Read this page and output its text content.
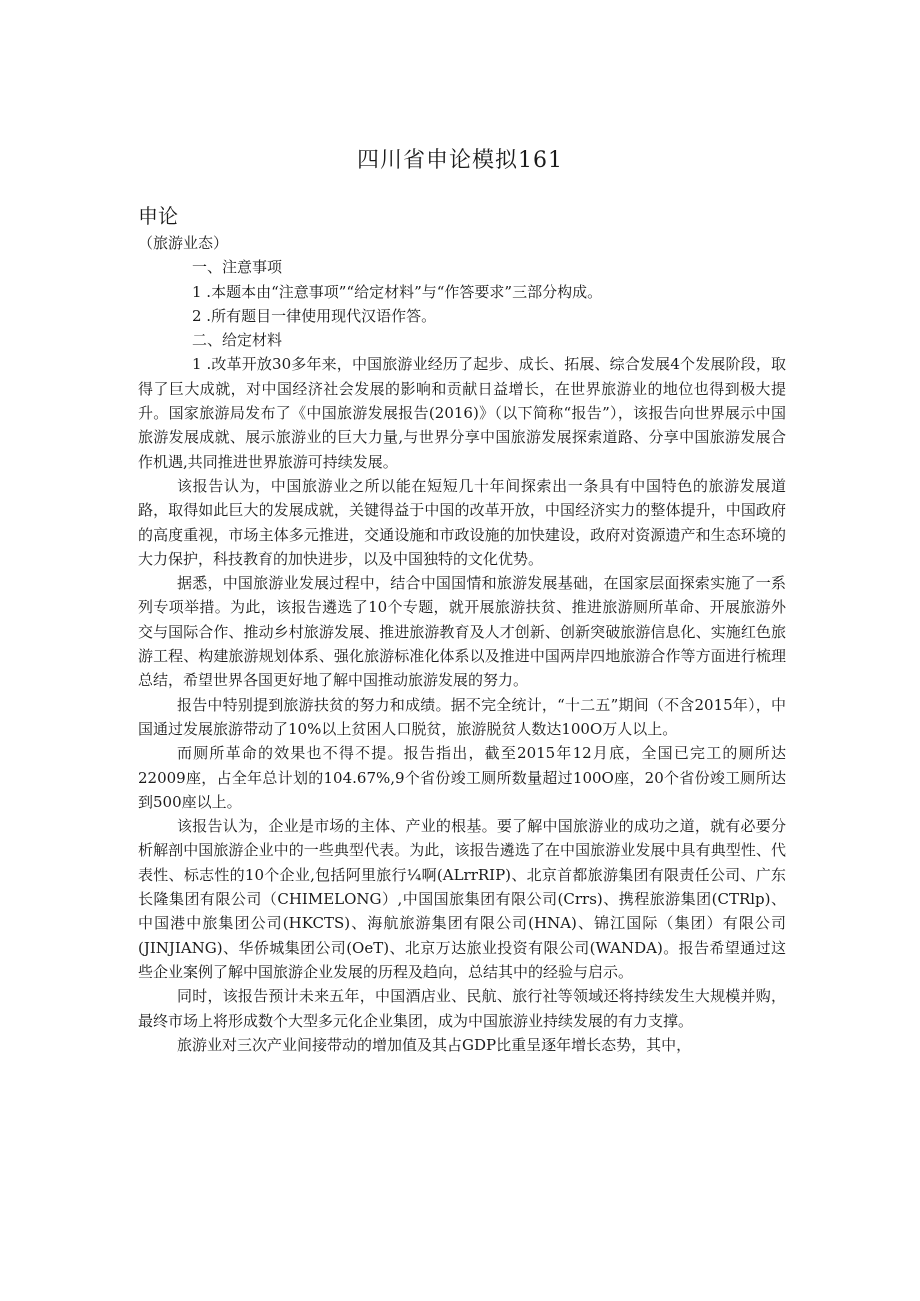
四川省申论模拟161
申论

（旅游业态）

一、注意事项

1 .本题本由“注意事项”“给定材料”与“作答要求”三部分构成。

2 .所有题目一律使用现代汉语作答。

二、给定材料

1 .改革开放30多年来，中国旅游业经历了起步、成长、拓展、综合发展4个发展阶段，取得了巨大成就，对中国经济社会发展的影响和贡献日益增长，在世界旅游业的地位也得到极大提升。国家旅游局发布了《中国旅游发展报告(2016)》（以下简称“报告”），该报告向世界展示中国旅游发展成就、展示旅游业的巨大力量,与世界分享中国旅游发展探索道路、分享中国旅游发展合作机遇,共同推进世界旅游可持续发展。

该报告认为，中国旅游业之所以能在短短几十年间探索出一条具有中国特色的旅游发展道路，取得如此巨大的发展成就，关键得益于中国的改革开放，中国经济实力的整体提升，中国政府的高度重视，市场主体多元推进，交通设施和市政设施的加快建设，政府对资源遗产和生态环境的大力保护，科技教育的加快进步，以及中国独特的文化优势。

据悉，中国旅游业发展过程中，结合中国国情和旅游发展基础，在国家层面探索实施了一系列专项举措。为此，该报告遴选了10个专题，就开展旅游扶贫、推进旅游厕所革命、开展旅游外交与国际合作、推动乡村旅游发展、推进旅游教育及人才创新、创新突破旅游信息化、实施红色旅游工程、构建旅游规划体系、强化旅游标准化体系以及推进中国两岸四地旅游合作等方面进行梳理总结，希望世界各国更好地了解中国推动旅游发展的努力。

报告中特别提到旅游扶贫的努力和成绩。据不完全统计，“十二五”期间（不含2015年），中国通过发展旅游带动了10%以上贫困人口脱贫，旅游脱贫人数达100O万人以上。

而厕所革命的效果也不得不提。报告指出，截至2015年12月底，全国已完工的厕所达22009座，占全年总计划的104.67%,9个省份竣工厕所数量超过100O座，20个省份竣工厕所达到500座以上。

该报告认为，企业是市场的主体、产业的根基。要了解中国旅游业的成功之道，就有必要分析解剖中国旅游企业中的一些典型代表。为此，该报告遴选了在中国旅游业发展中具有典型性、代表性、标志性的10个企业,包括阿里旅行¼啊(ALrrRIP)、北京首都旅游集团有限责任公司、广东长隆集团有限公司（CHIMELONG）,中国国旅集团有限公司(Crrs)、携程旅游集团(CTRlp)、中国港中旅集团公司(HKCTS)、海航旅游集团有限公司(HNA)、锦江国际（集团）有限公司(JINJIANG)、华侨城集团公司(OeT)、北京万达旅业投资有限公司(WANDA)。报告希望通过这些企业案例了解中国旅游企业发展的历程及趋向，总结其中的经验与启示。

同时，该报告预计未来五年，中国酒店业、民航、旅行社等领域还将持续发生大规模并购，最终市场上将形成数个大型多元化企业集团，成为中国旅游业持续发展的有力支撑。

旅游业对三次产业间接带动的增加值及其占GDP比重呈逐年增长态势，其中，
